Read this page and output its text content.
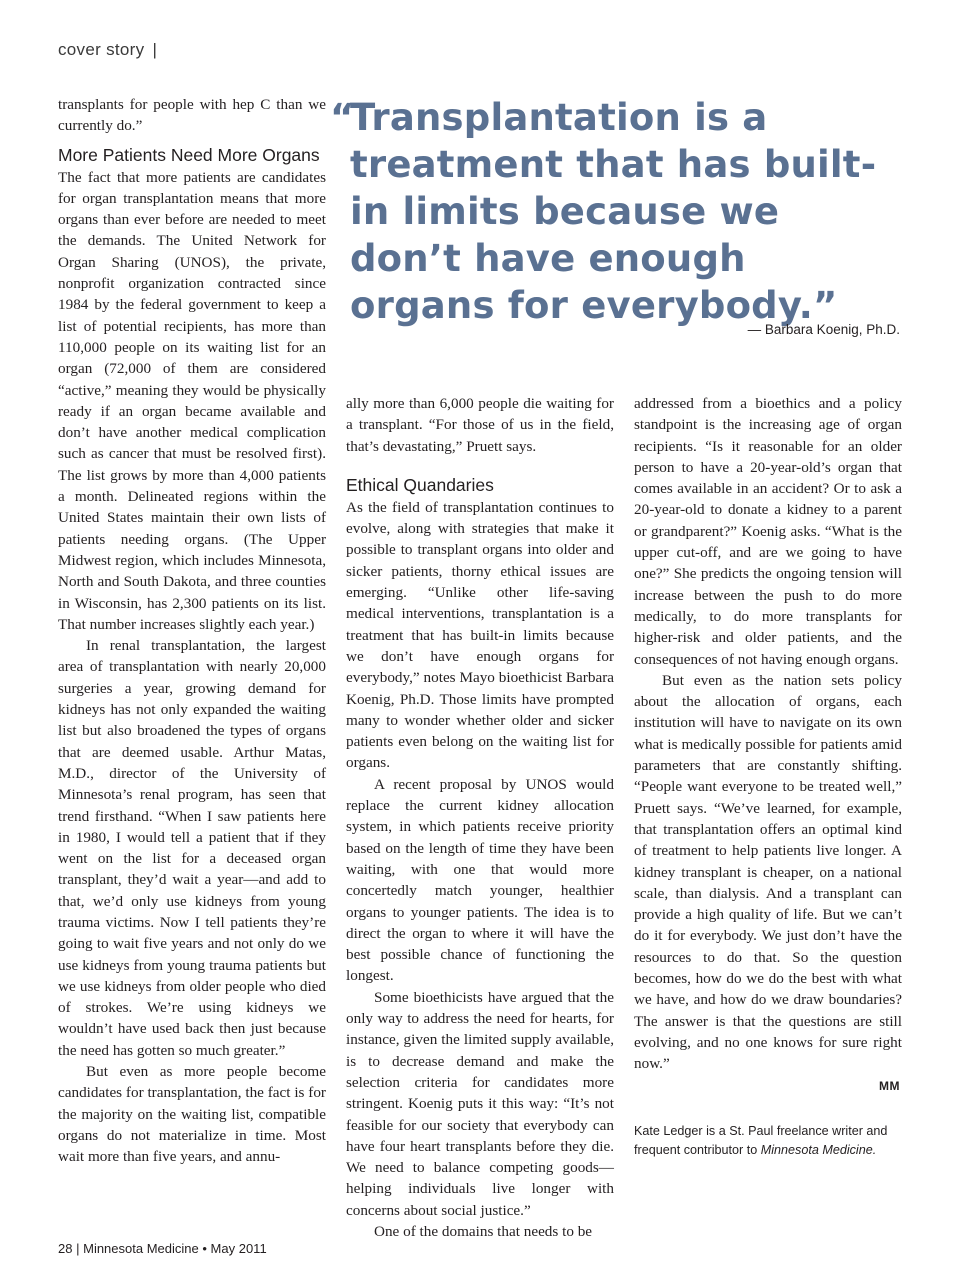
cover story |

transplants for people with hep C than we currently do.”

More Patients Need More Organs

The fact that more patients are candidates for organ transplantation means that more organs than ever before are needed to meet the demands. The United Network for Organ Sharing (UNOS), the private, nonprofit organization contracted since 1984 by the federal government to keep a list of potential recipients, has more than 110,000 people on its waiting list for an organ (72,000 of them are considered “active,” meaning they would be physically ready if an organ became available and don’t have another medical complication such as cancer that must be resolved first). The list grows by more than 4,000 patients a month. Delineated regions within the United States maintain their own lists of patients needing organs. (The Upper Midwest region, which includes Minnesota, North and South Dakota, and three counties in Wisconsin, has 2,300 patients on its list. That number increases slightly each year.)

In renal transplantation, the largest area of transplantation with nearly 20,000 surgeries a year, growing demand for kidneys has not only expanded the waiting list but also broadened the types of organs that are deemed usable. Arthur Matas, M.D., director of the University of Minnesota’s renal program, has seen that trend firsthand. “When I saw patients here in 1980, I would tell a patient that if they went on the list for a deceased organ transplant, they’d wait a year—and add to that, we’d only use kidneys from young trauma victims. Now I tell patients they’re going to wait five years and not only do we use kidneys from young trauma patients but we use kidneys from older people who died of strokes. We’re using kidneys we wouldn’t have used back then just because the need has gotten so much greater.”

But even as more people become candidates for transplantation, the fact is for the majority on the waiting list, compatible organs do not materialize in time. Most wait more than five years, and annu-

“
Transplantation is a treatment that has built-in limits because we don’t have enough organs for everybody.”
— Barbara Koenig, Ph.D.

ally more than 6,000 people die waiting for a transplant. “For those of us in the field, that’s devastating,” Pruett says.

Ethical Quandaries

As the field of transplantation continues to evolve, along with strategies that make it possible to transplant organs into older and sicker patients, thorny ethical issues are emerging. “Unlike other life-saving medical interventions, transplantation is a treatment that has built-in limits because we don’t have enough organs for everybody,” notes Mayo bioethicist Barbara Koenig, Ph.D. Those limits have prompted many to wonder whether older and sicker patients even belong on the waiting list for organs.

A recent proposal by UNOS would replace the current kidney allocation system, in which patients receive priority based on the length of time they have been waiting, with one that would more concertedly match younger, healthier organs to younger patients. The idea is to direct the organ to where it will have the best possible chance of functioning the longest.

Some bioethicists have argued that the only way to address the need for hearts, for instance, given the limited supply available, is to decrease demand and make the selection criteria for candidates more stringent. Koenig puts it this way: “It’s not feasible for our society that everybody can have four heart transplants before they die. We need to balance competing goods—helping individuals live longer with concerns about social justice.”

One of the domains that needs to be

addressed from a bioethics and a policy standpoint is the increasing age of organ recipients. “Is it reasonable for an older person to have a 20-year-old’s organ that comes available in an accident? Or to ask a 20-year-old to donate a kidney to a parent or grandparent?” Koenig asks. “What is the upper cut-off, and are we going to have one?” She predicts the ongoing tension will increase between the push to do more medically, to do more transplants for higher-risk and older patients, and the consequences of not having enough organs.

But even as the nation sets policy about the allocation of organs, each institution will have to navigate on its own what is medically possible for patients amid parameters that are constantly shifting. “People want everyone to be treated well,” Pruett says. “We’ve learned, for example, that transplantation offers an optimal kind of treatment to help patients live longer. A kidney transplant is cheaper, on a national scale, than dialysis. And a transplant can provide a high quality of life. But we can’t do it for everybody. We just don’t have the resources to do that. So the question becomes, how do we do the best with what we have, and how do we draw boundaries? The answer is that the questions are still evolving, and no one knows for sure right now.”

MM
Kate Ledger is a St. Paul freelance writer and frequent contributor to Minnesota Medicine.
28 | Minnesota Medicine • May 2011
